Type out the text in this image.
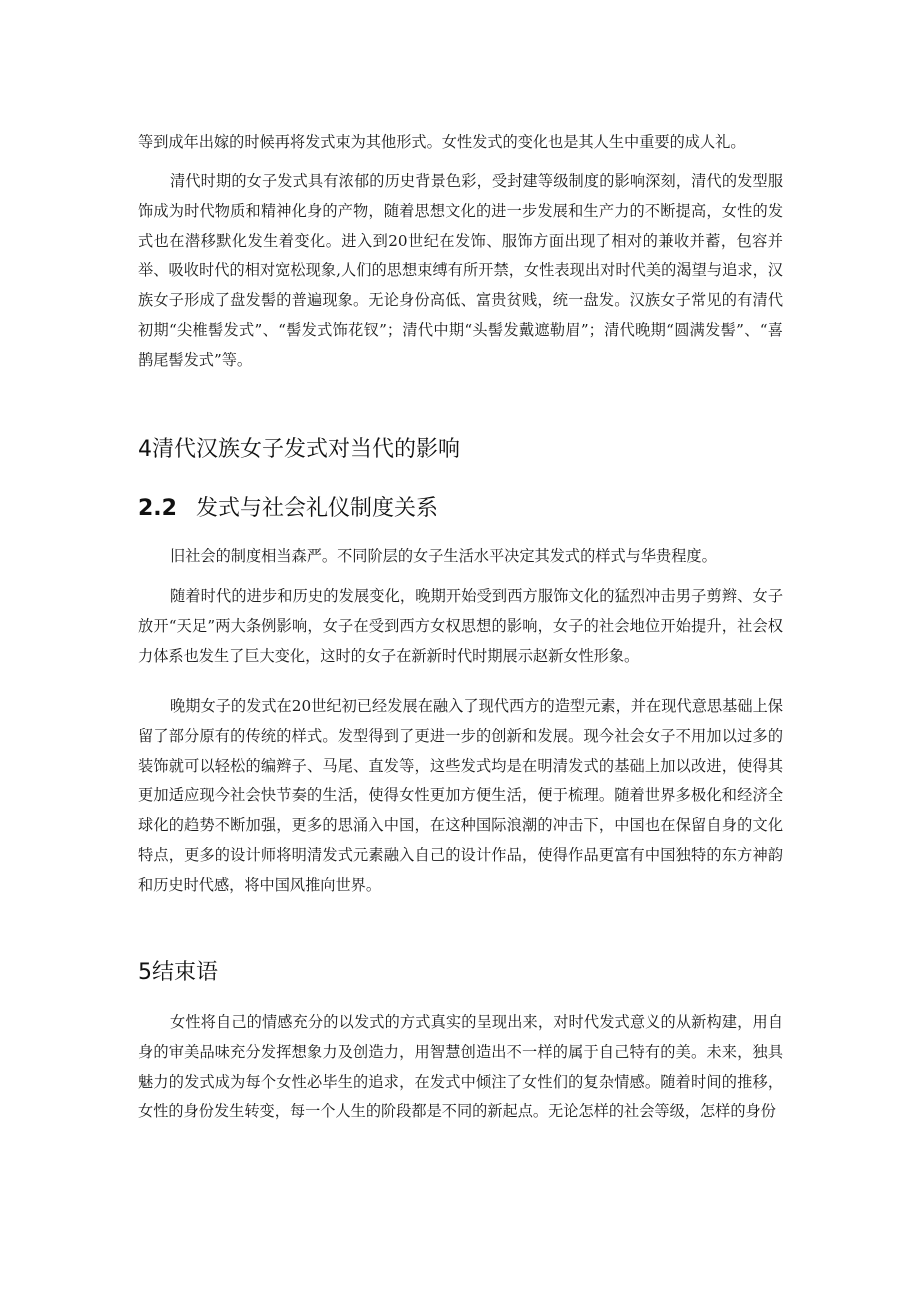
等到成年出嫁的时候再将发式束为其他形式。女性发式的变化也是其人生中重要的成人礼。

清代时期的女子发式具有浓郁的历史背景色彩，受封建等级制度的影响深刻，清代的发型服饰成为时代物质和精神化身的产物，随着思想文化的进一步发展和生产力的不断提高，女性的发式也在潜移默化发生着变化。进入到20世纪在发饰、服饰方面出现了相对的兼收并蓄，包容并举、吸收时代的相对宽松现象,人们的思想束缚有所开禁，女性表现出对时代美的渴望与追求，汉族女子形成了盘发髻的普遍现象。无论身份高低、富贵贫贱，统一盘发。汉族女子常见的有清代初期“尖椎髻发式”、“髻发式饰花钗”；清代中期“头髻发戴遮勒眉”；清代晚期“圆满发髻”、“喜鹊尾髻发式”等。

4清代汉族女子发式对当代的影响
2.2 发式与社会礼仪制度关系

旧社会的制度相当森严。不同阶层的女子生活水平决定其发式的样式与华贵程度。

随着时代的进步和历史的发展变化，晚期开始受到西方服饰文化的猛烈冲击男子剪辫、女子放开“天足”两大条例影响，女子在受到西方女权思想的影响，女子的社会地位开始提升，社会权力体系也发生了巨大变化，这时的女子在新新时代时期展示赵新女性形象。

晚期女子的发式在20世纪初已经发展在融入了现代西方的造型元素，并在现代意思基础上保留了部分原有的传统的样式。发型得到了更进一步的创新和发展。现今社会女子不用加以过多的装饰就可以轻松的编辫子、马尾、直发等，这些发式均是在明清发式的基础上加以改进，使得其更加适应现今社会快节奏的生活，使得女性更加方便生活，便于梳理。随着世界多极化和经济全球化的趋势不断加强，更多的思涌入中国，在这种国际浪潮的冲击下，中国也在保留自身的文化特点，更多的设计师将明清发式元素融入自己的设计作品，使得作品更富有中国独特的东方神韵和历史时代感，将中国风推向世界。

5结束语

女性将自己的情感充分的以发式的方式真实的呈现出来，对时代发式意义的从新构建，用自身的审美品味充分发挥想象力及创造力，用智慧创造出不一样的属于自己特有的美。未来，独具魅力的发式成为每个女性必毕生的追求，在发式中倾注了女性们的复杂情感。随着时间的推移，女性的身份发生转变，每一个人生的阶段都是不同的新起点。无论怎样的社会等级，怎样的身份
